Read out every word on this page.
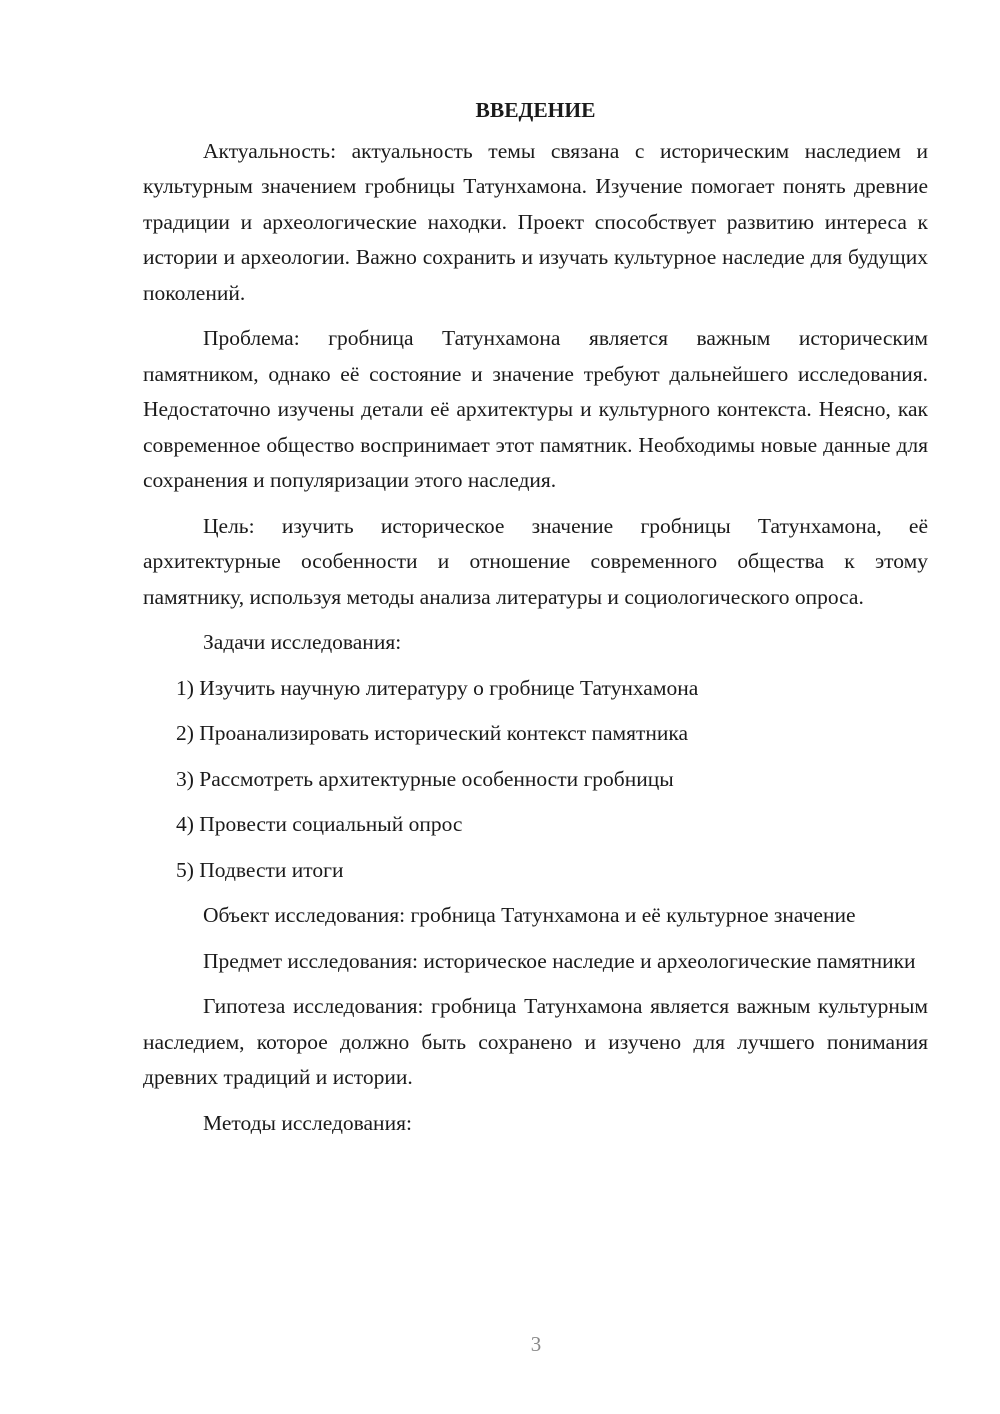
ВВЕДЕНИЕ

Актуальность: актуальность темы связана с историческим наследием и культурным значением гробницы Татунхамона. Изучение помогает понять древние традиции и археологические находки. Проект способствует развитию интереса к истории и археологии. Важно сохранить и изучать культурное наследие для будущих поколений.

Проблема: гробница Татунхамона является важным историческим памятником, однако её состояние и значение требуют дальнейшего исследования. Недостаточно изучены детали её архитектуры и культурного контекста. Неясно, как современное общество воспринимает этот памятник. Необходимы новые данные для сохранения и популяризации этого наследия.

Цель: изучить историческое значение гробницы Татунхамона, её архитектурные особенности и отношение современного общества к этому памятнику, используя методы анализа литературы и социологического опроса.

Задачи исследования:

1) Изучить научную литературу о гробнице Татунхамона
2) Проанализировать исторический контекст памятника
3) Рассмотреть архитектурные особенности гробницы
4) Провести социальный опрос
5) Подвести итоги

Объект исследования: гробница Татунхамона и её культурное значение

Предмет исследования: историческое наследие и археологические памятники

Гипотеза исследования: гробница Татунхамона является важным культурным наследием, которое должно быть сохранено и изучено для лучшего понимания древних традиций и истории.

Методы исследования:

3
